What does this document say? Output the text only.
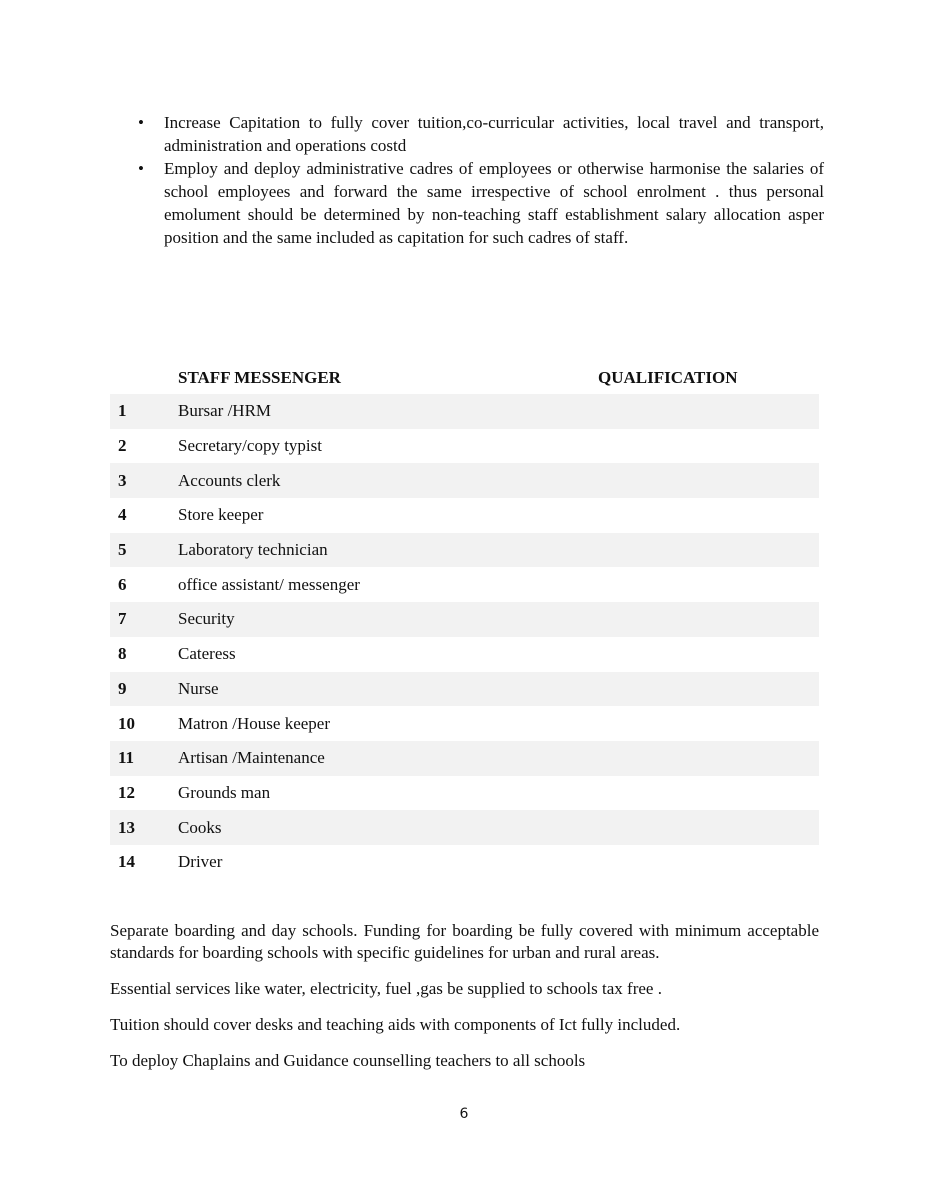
• Increase Capitation to fully cover tuition,co-curricular activities, local travel and transport, administration and operations costd
• Employ and deploy administrative cadres of employees or otherwise harmonise the salaries of school employees and forward the same irrespective of school enrolment . thus personal emolument should be determined by non-teaching staff establishment salary allocation asper position and the same included as capitation for such cadres of staff.
	STAFF MESSENGER	QUALIFICATION
1	Bursar /HRM	
2	Secretary/copy typist	
3	Accounts clerk	
4	Store keeper	
5	Laboratory technician	
6	office assistant/ messenger	
7	Security	
8	Cateress	
9	Nurse	
10	Matron /House keeper	
11	Artisan /Maintenance	
12	Grounds man	
13	Cooks	
14	Driver	

Separate boarding and day schools. Funding for boarding be fully covered with minimum acceptable standards for boarding schools with specific guidelines for urban and rural areas.

Essential services like water, electricity, fuel ,gas be supplied to schools tax free .

Tuition should cover desks and teaching aids with components of Ict fully included.

To deploy Chaplains and Guidance counselling teachers to all schools

6
